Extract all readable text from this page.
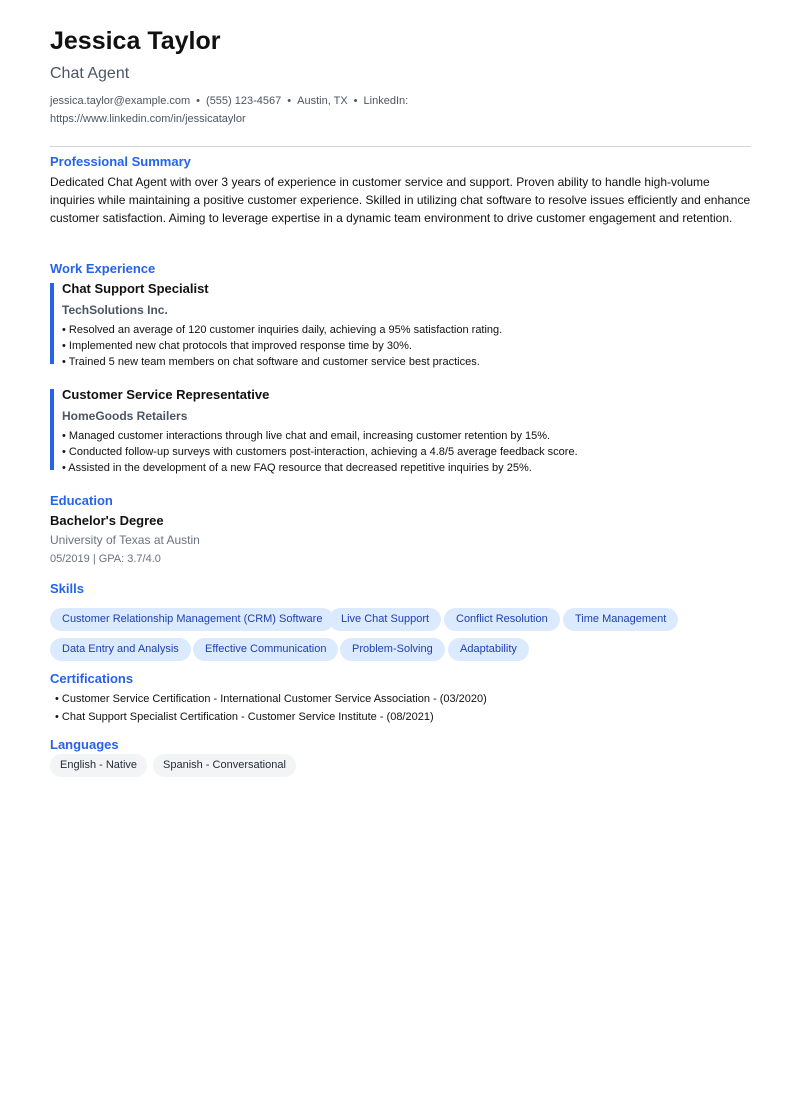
Jessica Taylor
Chat Agent
jessica.taylor@example.com • (555) 123-4567 • Austin, TX • LinkedIn:
https://www.linkedin.com/in/jessicataylor
Professional Summary
Dedicated Chat Agent with over 3 years of experience in customer service and support. Proven ability to handle high-volume inquiries while maintaining a positive customer experience. Skilled in utilizing chat software to resolve issues efficiently and enhance customer satisfaction. Aiming to leverage expertise in a dynamic team environment to drive customer engagement and retention.
Work Experience
Chat Support Specialist
TechSolutions Inc.
• Resolved an average of 120 customer inquiries daily, achieving a 95% satisfaction rating.
• Implemented new chat protocols that improved response time by 30%.
• Trained 5 new team members on chat software and customer service best practices.
Customer Service Representative
HomeGoods Retailers
• Managed customer interactions through live chat and email, increasing customer retention by 15%.
• Conducted follow-up surveys with customers post-interaction, achieving a 4.8/5 average feedback score.
• Assisted in the development of a new FAQ resource that decreased repetitive inquiries by 25%.
Education
Bachelor's Degree
University of Texas at Austin
05/2019 | GPA: 3.7/4.0
Skills
Customer Relationship Management (CRM) Software	Live Chat Support	Conflict Resolution	Time Management
Data Entry and Analysis	Effective Communication	Problem-Solving	Adaptability
Certifications
• Customer Service Certification - International Customer Service Association - (03/2020)
• Chat Support Specialist Certification - Customer Service Institute - (08/2021)
Languages
English - Native	Spanish - Conversational
